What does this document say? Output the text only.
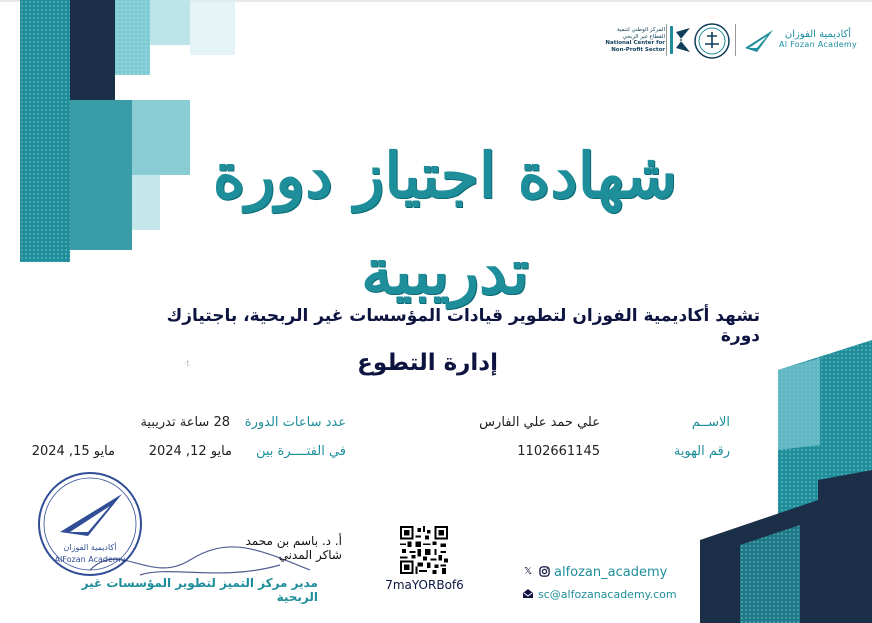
المركز الوطني لتنمية
القطاع غير الربحي
National Center for
Non-Profit Sector
أكاديمية الفوزان
Al Fozan Academy
شهادة اجتياز دورة تدريبية
تشهد أكاديمية الفوزان لتطوير قيادات المؤسسات غير الربحية، باجتيازك دورة
إدارة التطوع
·t
الاســم
علي حمد علي الفارس
رقم الهوية
1102661145
عدد ساعات الدورة
28 ساعة تدريبية
في الفتــــرة بين
مايو 12, 2024
مايو 15, 2024
أكاديمية الفوزان
AlFozan Academy
أ. د. باسم بن محمد شاكر المدني
مدير مركز التميز لتطوير المؤسسات غير الربحية
7maYORBof6
𝕏 alfozan_academy
sc@alfozanacademy.com
